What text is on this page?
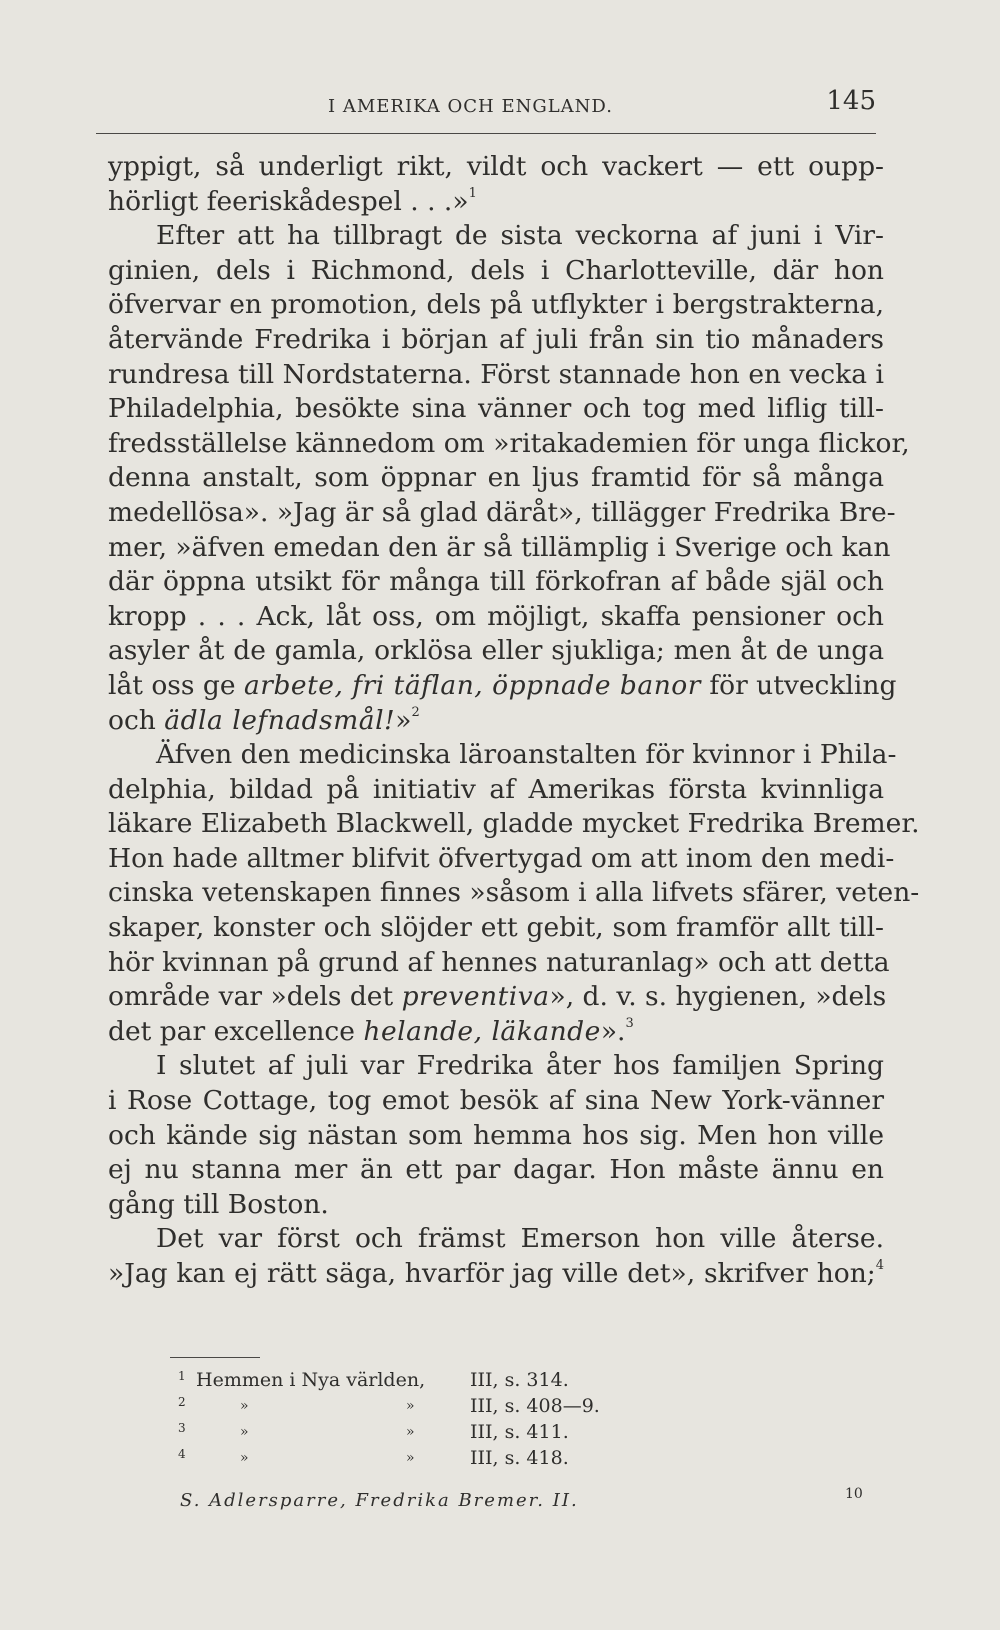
I AMERIKA OCH ENGLAND.	145
yppigt, så underligt rikt, vildt och vackert — ett oupp-
hörligt feeriskådespel . . .»$^1$
Efter att ha tillbragt de sista veckorna af juni i Vir-
ginien, dels i Richmond, dels i Charlotteville, där hon
öfvervar en promotion, dels på utflykter i bergstrakterna,
återvände Fredrika i början af juli från sin tio månaders
rundresa till Nordstaterna. Först stannade hon en vecka i
Philadelphia, besökte sina vänner och tog med liflig till-
fredsställelse kännedom om »ritakademien för unga flickor,
denna anstalt, som öppnar en ljus framtid för så många
medellösa». »Jag är så glad däråt», tillägger Fredrika Bre-
mer, »äfven emedan den är så tillämplig i Sverige och kan
där öppna utsikt för många till förkofran af både själ och
kropp . . . Ack, låt oss, om möjligt, skaffa pensioner och
asyler åt de gamla, orklösa eller sjukliga; men åt de unga
låt oss ge arbete, fri täflan, öppnade banor för utveckling
och ädla lefnadsmål!»$^2$
Äfven den medicinska läroanstalten för kvinnor i Phila-
delphia, bildad på initiativ af Amerikas första kvinnliga
läkare Elizabeth Blackwell, gladde mycket Fredrika Bremer.
Hon hade alltmer blifvit öfvertygad om att inom den medi-
cinska vetenskapen finnes »såsom i alla lifvets sfärer, veten-
skaper, konster och slöjder ett gebit, som framför allt till-
hör kvinnan på grund af hennes naturanlag» och att detta
område var »dels det preventiva», d. v. s. hygienen, »dels
det par excellence helande, läkande».$^3$
I slutet af juli var Fredrika åter hos familjen Spring
i Rose Cottage, tog emot besök af sina New York-vänner
och kände sig nästan som hemma hos sig. Men hon ville
ej nu stanna mer än ett par dagar. Hon måste ännu en
gång till Boston.
Det var först och främst Emerson hon ville återse.
»Jag kan ej rätt säga, hvarför jag ville det», skrifver hon;$^4$
1 Hemmen i Nya världen, III, s. 314.
2	»	»	III, s. 408—9.
3	»	»	III, s. 411.
4	»	»	III, s. 418.
S. Adlersparre, Fredrika Bremer. II.	10
